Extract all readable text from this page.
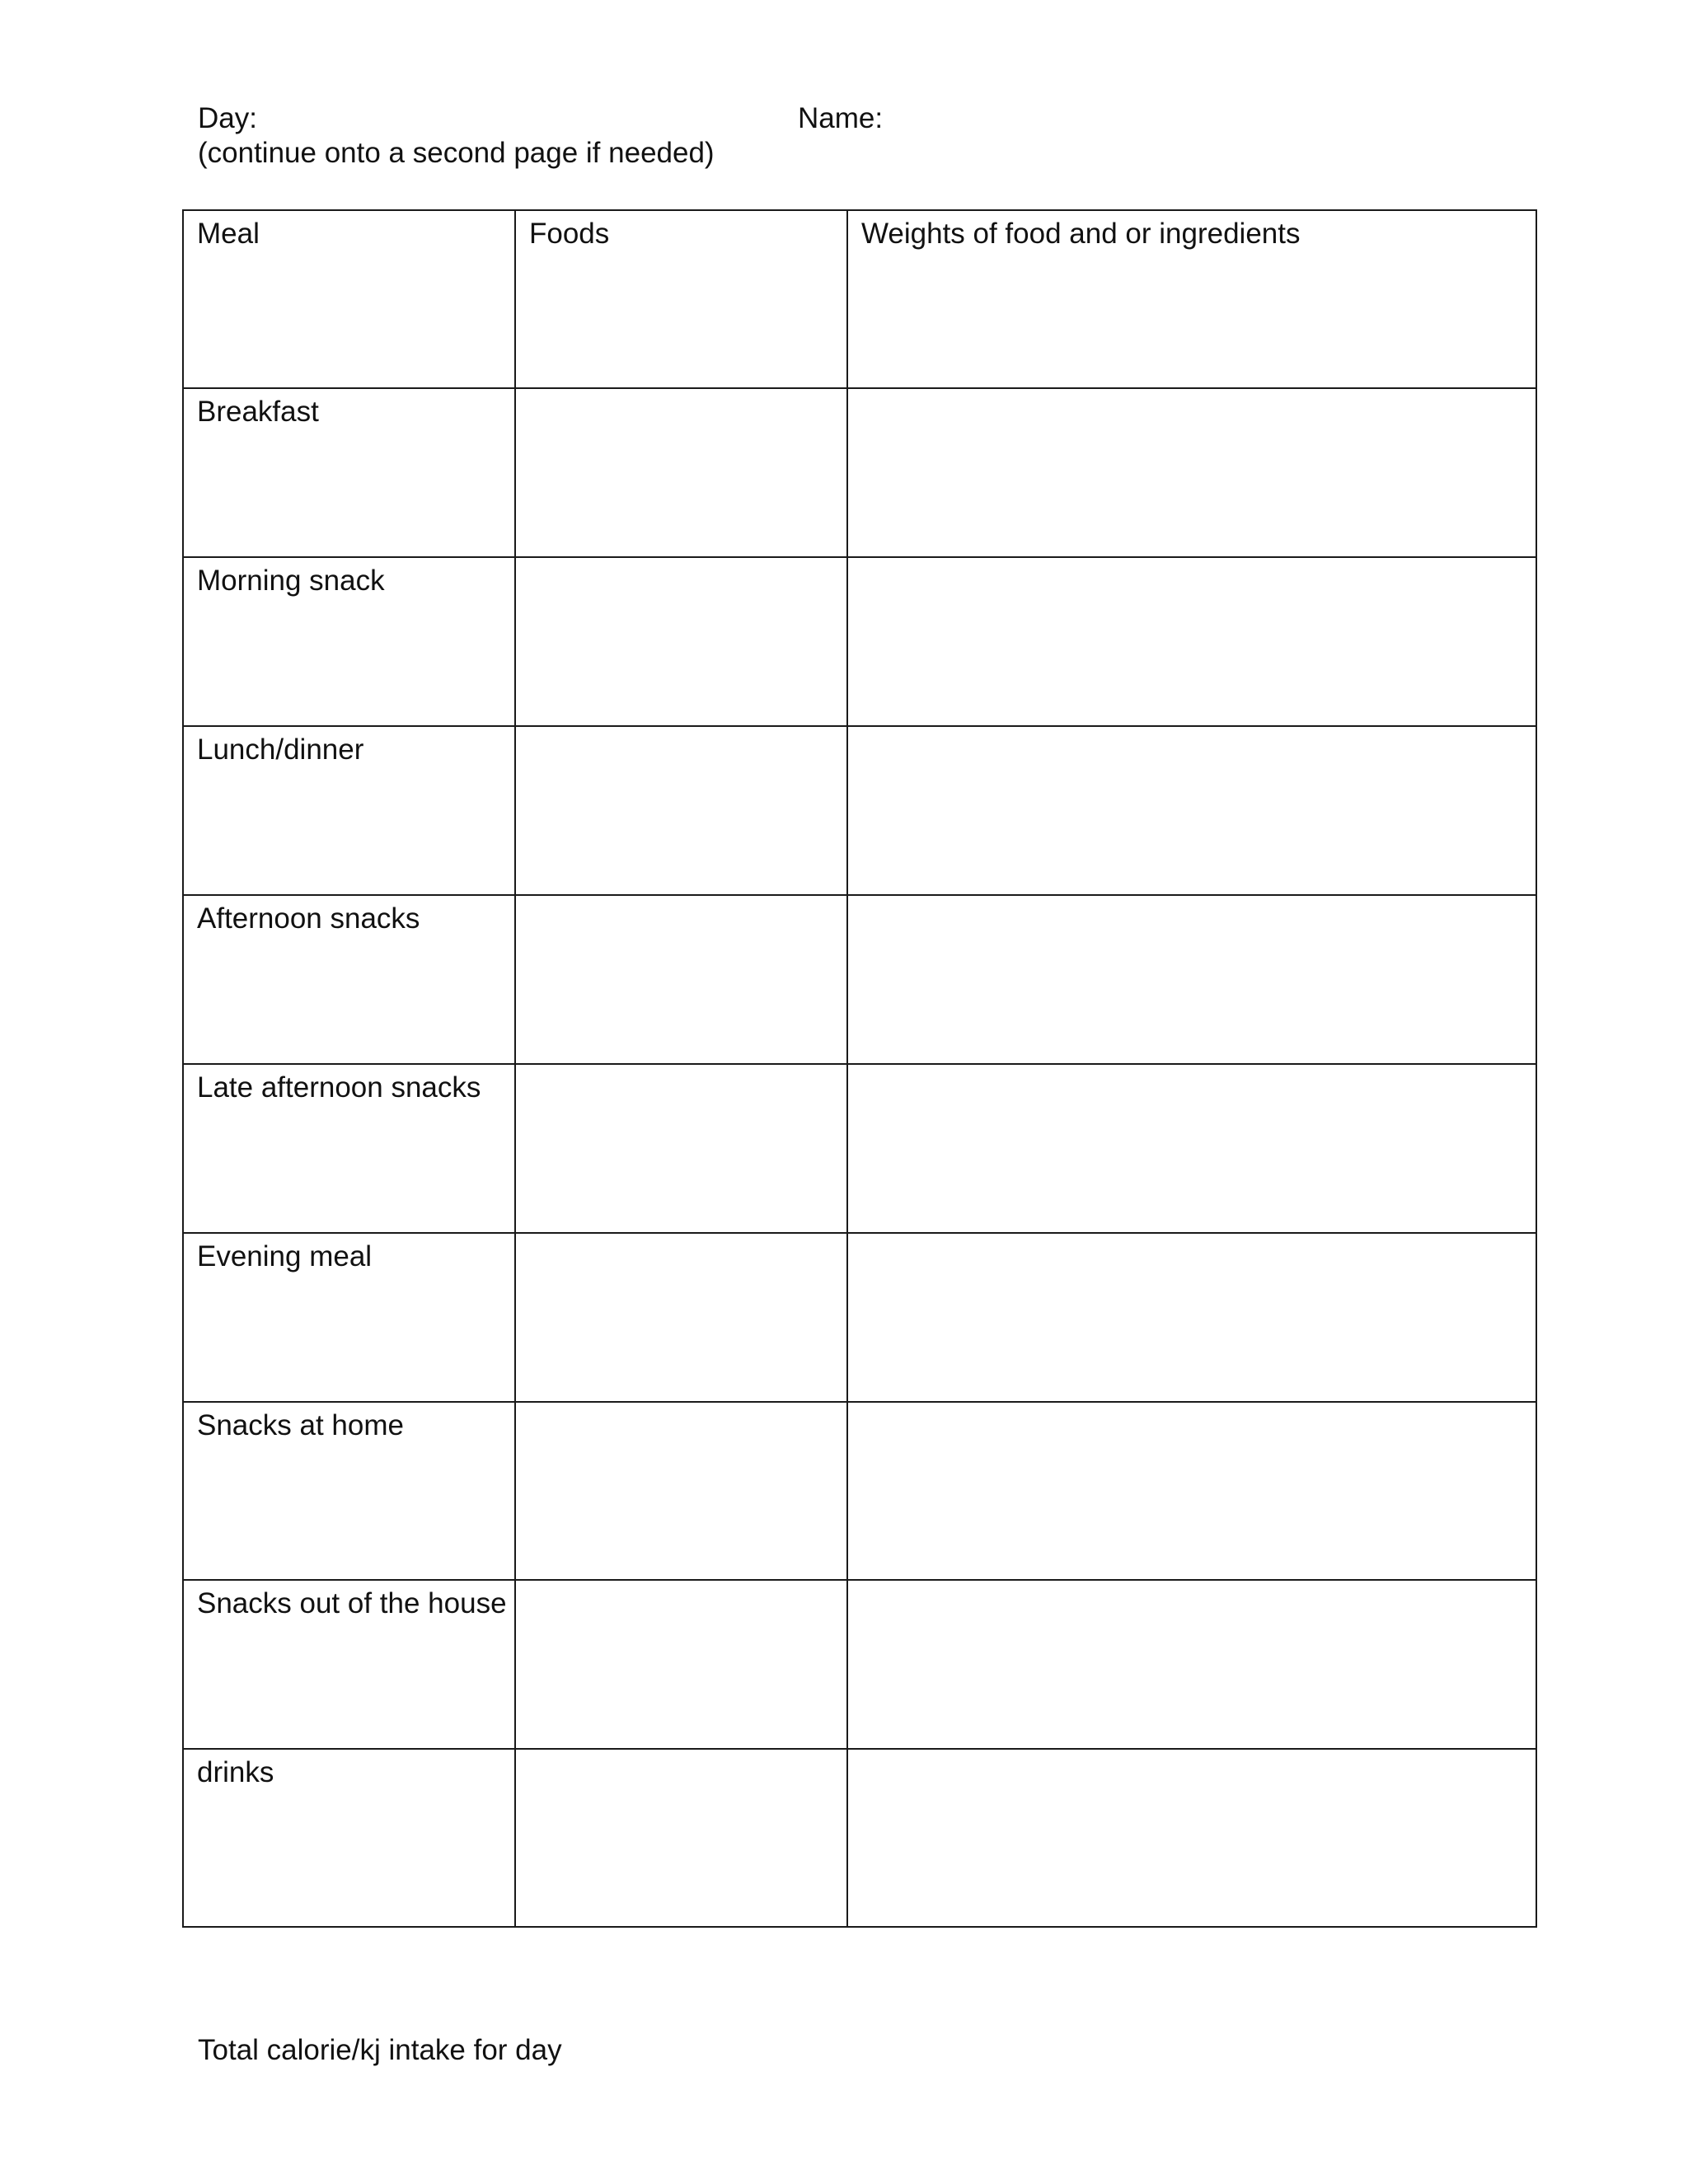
Day:	Name:
(continue onto a second page if needed)
Meal	Foods	Weights of food and or ingredients
Breakfast		
Morning snack		
Lunch/dinner		
Afternoon snacks		
Late afternoon snacks		
Evening meal		
Snacks at home		
Snacks out of the house		
drinks		
Total calorie/kj intake for day
